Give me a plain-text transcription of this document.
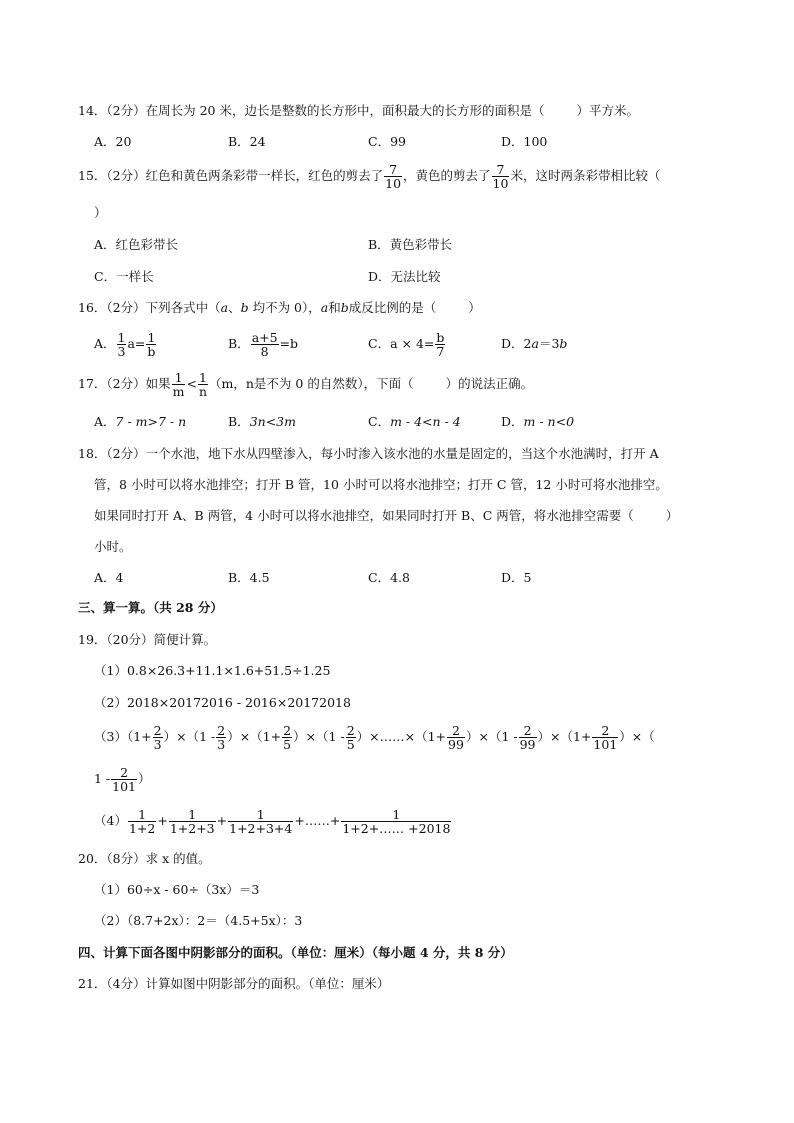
14．（2分）在周长为 20 米，边长是整数的长方形中，面积最大的长方形的面积是（	）平方米。
A．20	B．24	C．99	D．100
15．（2分）红色和黄色两条彩带一样长，红色的剪去了 $\frac{7}{10}$ ，黄色的剪去了 $\frac{7}{10}$ 米，这时两条彩带相比较（
）
A．红色彩带长	B．黄色彩带长
C．一样长	D．无法比较
16．（2分）下列各式中（a、b 均不为 0），a和b成反比例的是（	）
A． $\frac{1}{3} a= \frac{1}{b}$	B． $\frac{a+5}{8} =b$	C．$a \times 4= \frac{b}{7}$	D．2a＝3b
17．（2分）如果 $\frac{1}{m} < \frac{1}{n} (m$，n是不为 0 的自然数），下面（	）的说法正确。
A．7 - m>7 - n	B．3n<3m	C．m - 4<n - 4	D．m - n<0
18．（2分）一个水池，地下水从四壁渗入，每小时渗入该水池的水量是固定的，当这个水池满时，打开 A
管，8 小时可以将水池排空；打开 B 管，10 小时可以将水池排空；打开 C 管，12 小时可将水池排空。
如果同时打开 A、B 两管，4 小时可以将水池排空，如果同时打开 B、C 两管，将水池排空需要（	）
小时。
A．4	B．4.5	C．4.8	D．5
三、算一算。（共 28 分）
19．（20分）简便计算。
（1）0.8×26.3+11.1×1.6+51.5÷1.25
（2）2018×20172016 - 2016×20172018
$(3)(1+ \frac{2}{3} )\times(1 - \frac{2}{3} )\times(1+ \frac{2}{5} )\times(1 - \frac{2}{5}$ ）×……×（1+ $\frac{2}{99} )\times(1 - \frac{2}{99} )\times(1+ \frac{2}{101}$ ）×（
$1 - \frac{2}{101}$ ）
$(4) \frac{1}{1+2} + \frac{1}{1+2+3} + \frac{1}{1+2+3+4}$ +……+ $\frac{1}{1+2+\dots\dots +2018}$
20．（8分）求 x 的值。
（1）60÷x - 60÷（3x）＝3
（2）（8.7+2x）：2＝（4.5+5x）：3
四、计算下面各图中阴影部分的面积。（单位：厘米）（每小题 4 分，共 8 分）
21．（4分）计算如图中阴影部分的面积。（单位：厘米）
